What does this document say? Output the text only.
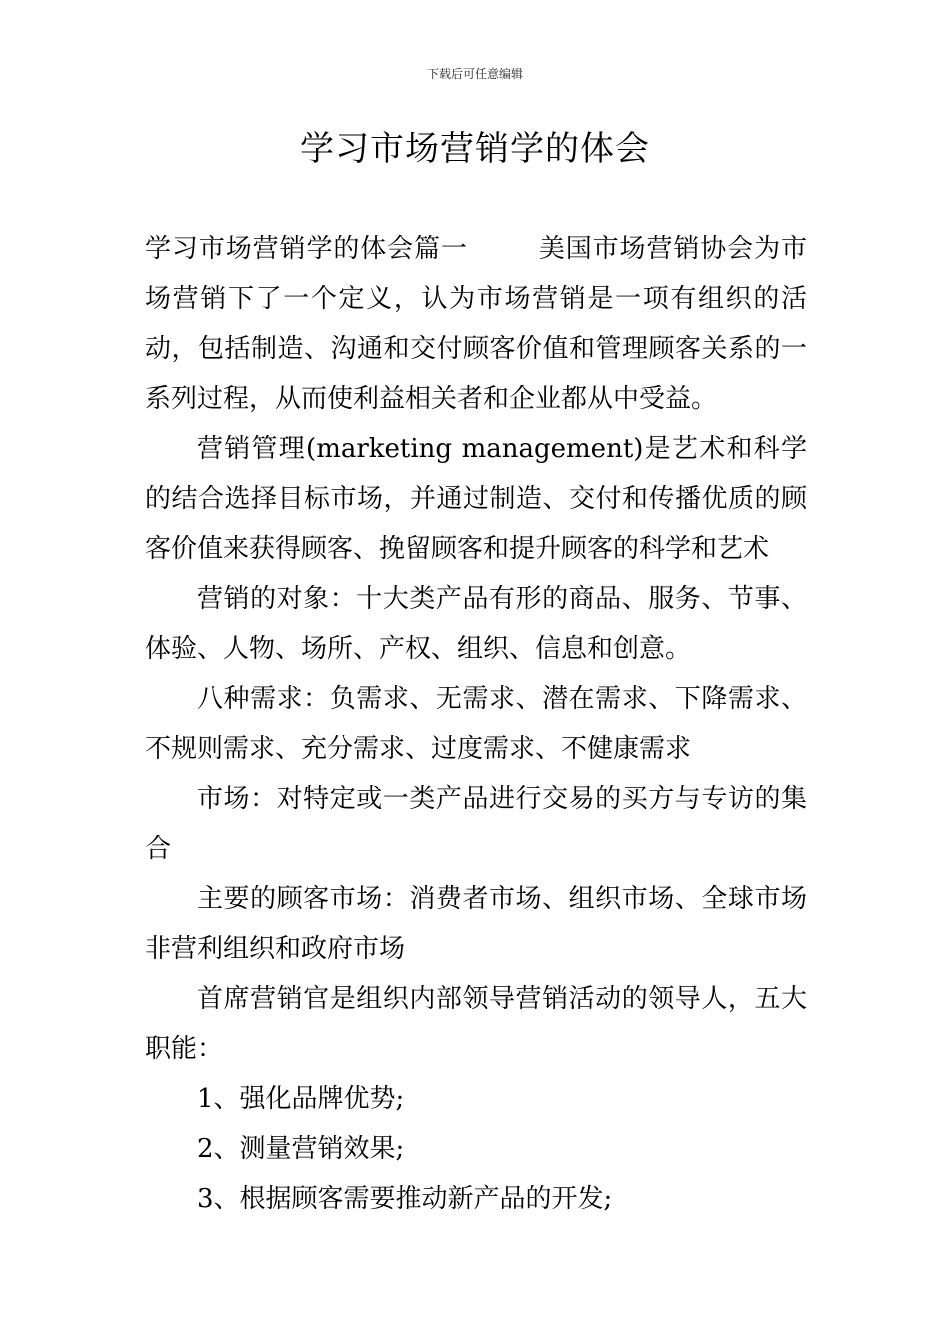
下载后可任意编辑
学习市场营销学的体会

学习市场营销学的体会篇一	美国市场营销协会为市场营销下了一个定义，认为市场营销是一项有组织的活动，包括制造、沟通和交付顾客价值和管理顾客关系的一系列过程，从而使利益相关者和企业都从中受益。

营销管理(marketing management)是艺术和科学的结合选择目标市场，并通过制造、交付和传播优质的顾客价值来获得顾客、挽留顾客和提升顾客的科学和艺术

营销的对象：十大类产品有形的商品、服务、节事、体验、人物、场所、产权、组织、信息和创意。

八种需求：负需求、无需求、潜在需求、下降需求、不规则需求、充分需求、过度需求、不健康需求

市场：对特定或一类产品进行交易的买方与专访的集合

主要的顾客市场：消费者市场、组织市场、全球市场非营利组织和政府市场

首席营销官是组织内部领导营销活动的领导人，五大职能：

1、强化品牌优势;

2、测量营销效果;

3、根据顾客需要推动新产品的开发;
